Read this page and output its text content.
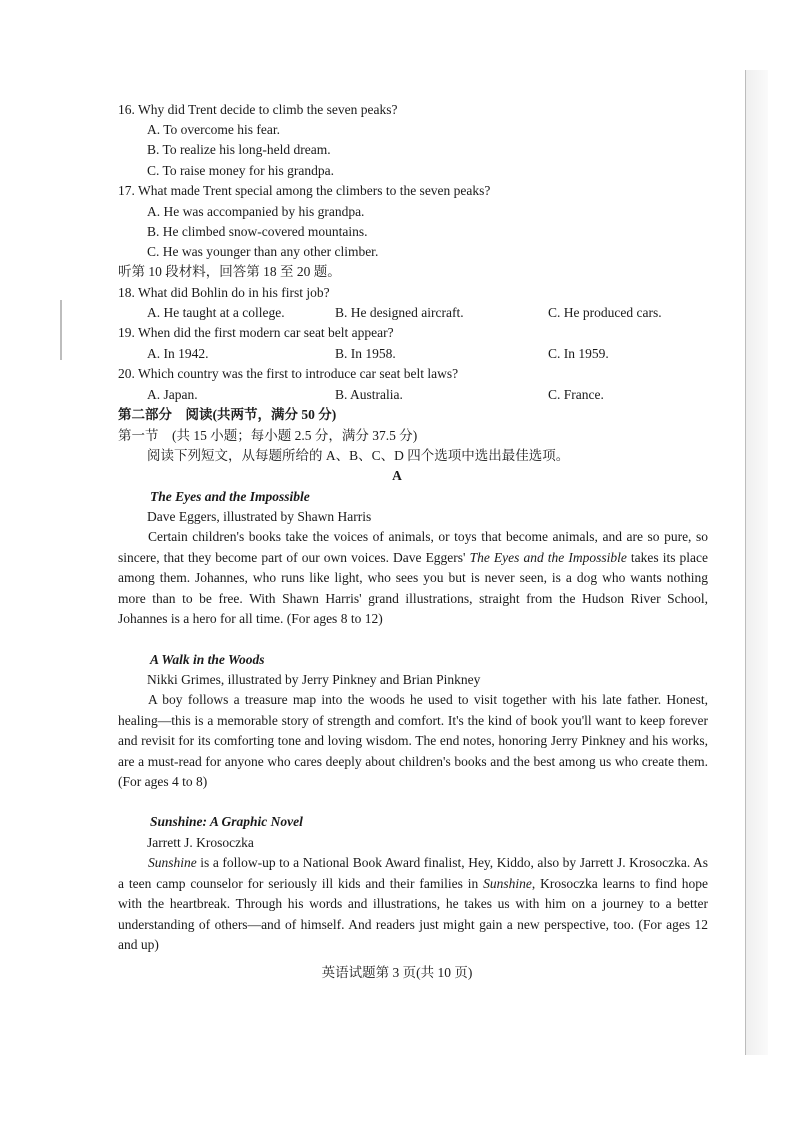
16. Why did Trent decide to climb the seven peaks?
A. To overcome his fear.
B. To realize his long-held dream.
C. To raise money for his grandpa.
17. What made Trent special among the climbers to the seven peaks?
A. He was accompanied by his grandpa.
B. He climbed snow-covered mountains.
C. He was younger than any other climber.
听第 10 段材料，回答第 18 至 20 题。
18. What did Bohlin do in his first job?
A. He taught at a college.	B. He designed aircraft.	C. He produced cars.
19. When did the first modern car seat belt appear?
A. In 1942.	B. In 1958.	C. In 1959.
20. Which country was the first to introduce car seat belt laws?
A. Japan.	B. Australia.	C. France.
第二部分　阅读(共两节，满分 50 分)
第一节　(共 15 小题；每小题 2.5 分，满分 37.5 分)
阅读下列短文，从每题所给的 A、B、C、D 四个选项中选出最佳选项。
A
The Eyes and the Impossible
Dave Eggers, illustrated by Shawn Harris
Certain children's books take the voices of animals, or toys that become animals, and are so pure, so sincere, that they become part of our own voices. Dave Eggers' The Eyes and the Impossible takes its place among them. Johannes, who runs like light, who sees you but is never seen, is a dog who wants nothing more than to be free. With Shawn Harris' grand illustrations, straight from the Hudson River School, Johannes is a hero for all time. (For ages 8 to 12)
A Walk in the Woods
Nikki Grimes, illustrated by Jerry Pinkney and Brian Pinkney
A boy follows a treasure map into the woods he used to visit together with his late father. Honest, healing—this is a memorable story of strength and comfort. It's the kind of book you'll want to keep forever and revisit for its comforting tone and loving wisdom. The end notes, honoring Jerry Pinkney and his works, are a must-read for anyone who cares deeply about children's books and the best among us who create them. (For ages 4 to 8)
Sunshine: A Graphic Novel
Jarrett J. Krosoczka
Sunshine is a follow-up to a National Book Award finalist, Hey, Kiddo, also by Jarrett J. Krosoczka. As a teen camp counselor for seriously ill kids and their families in Sunshine, Krosoczka learns to find hope with the heartbreak. Through his words and illustrations, he takes us with him on a journey to a better understanding of others—and of himself. And readers just might gain a new perspective, too. (For ages 12 and up)
英语试题第 3 页(共 10 页)
